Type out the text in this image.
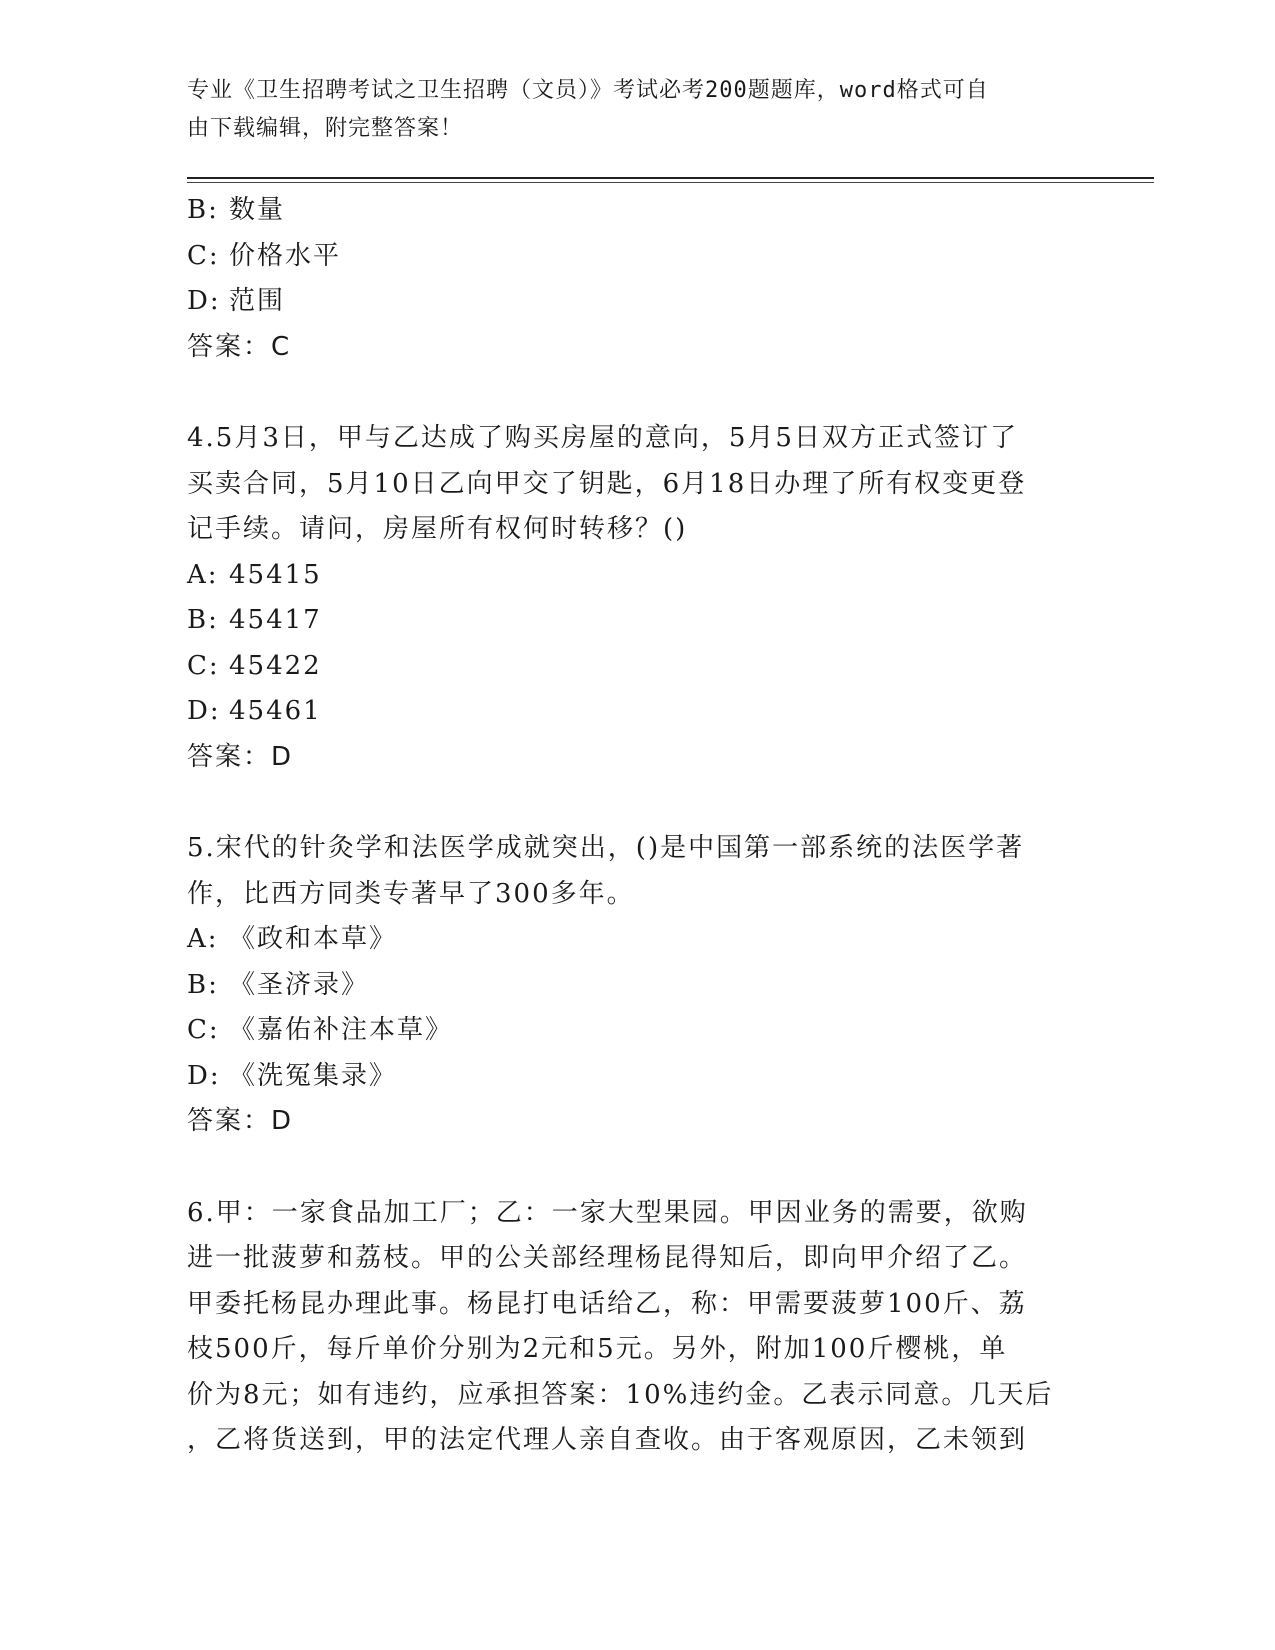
专业《卫生招聘考试之卫生招聘（文员）》考试必考200题题库，word格式可自
由下载编辑，附完整答案！
B: 数量
C: 价格水平
D: 范围
答案：C
4.5月3日，甲与乙达成了购买房屋的意向，5月5日双方正式签订了
买卖合同，5月10日乙向甲交了钥匙，6月18日办理了所有权变更登
记手续。请问，房屋所有权何时转移？()
A: 45415
B: 45417
C: 45422
D: 45461
答案：D
5.宋代的针灸学和法医学成就突出，()是中国第一部系统的法医学著
作，比西方同类专著早了300多年。
A: 《政和本草》
B: 《圣济录》
C: 《嘉佑补注本草》
D: 《洗冤集录》
答案：D
6.甲：一家食品加工厂；乙：一家大型果园。甲因业务的需要，欲购
进一批菠萝和荔枝。甲的公关部经理杨昆得知后，即向甲介绍了乙。
甲委托杨昆办理此事。杨昆打电话给乙，称：甲需要菠萝100斤、荔
枝500斤，每斤单价分别为2元和5元。另外，附加100斤樱桃，单
价为8元；如有违约，应承担答案：10%违约金。乙表示同意。几天后
，乙将货送到，甲的法定代理人亲自查收。由于客观原因，乙未领到
